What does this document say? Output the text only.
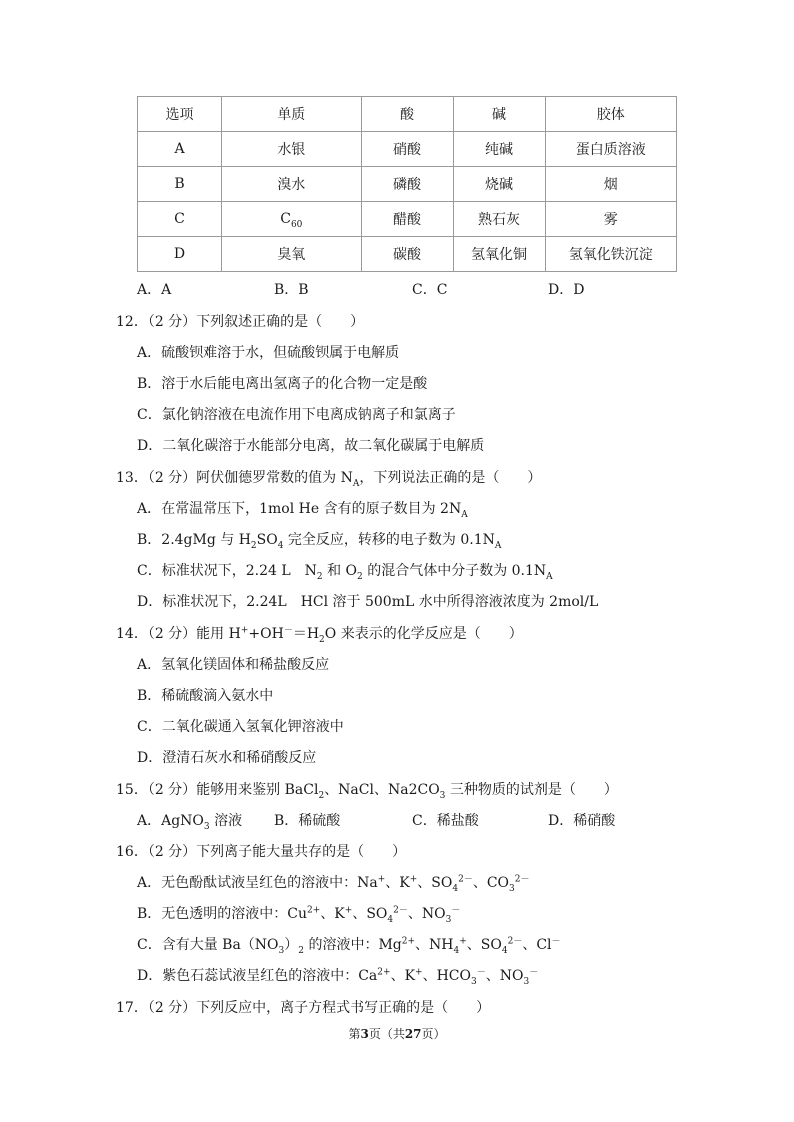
选项	单质	酸	碱	胶体
A	水银	硝酸	纯碱	蛋白质溶液
B	溴水	磷酸	烧碱	烟
C	$C_{60}$	醋酸	熟石灰	雾
D	臭氧	碳酸	氢氧化铜	氢氧化铁沉淀
A．A	B．B	C．C	D．D
12．（2 分）下列叙述正确的是（　　）
A．硫酸钡难溶于水，但硫酸钡属于电解质
B．溶于水后能电离出氢离子的化合物一定是酸
C．氯化钠溶液在电流作用下电离成钠离子和氯离子
D．二氧化碳溶于水能部分电离，故二氧化碳属于电解质
13．（2 分）阿伏伽德罗常数的值为 $N_A$，下列说法正确的是（　　）
A．在常温常压下，1mol He 含有的原子数目为 $2N_A$
B．2.4gMg 与 $H_2SO_4$ 完全反应，转移的电子数为 $0.1N_A$
C．标准状况下，2.24 L　$N_2$ 和 $O_2$ 的混合气体中分子数为 $0.1N_A$
D．标准状况下，2.24L　HCl 溶于 500mL 水中所得溶液浓度为 2mol/L
14．（2 分）能用 $H^++OH^-=H_2O$ 来表示的化学反应是（　　）
A．氢氧化镁固体和稀盐酸反应
B．稀硫酸滴入氨水中
C．二氧化碳通入氢氧化钾溶液中
D．澄清石灰水和稀硝酸反应
15．（2 分）能够用来鉴别 BaCl$_2$、NaCl、$Na2CO_3$ 三种物质的试剂是（　　）
A．AgNO$_3$ 溶液 B．稀硫酸	C．稀盐酸	D．稀硝酸
16．（2 分）下列离子能大量共存的是（　　）
A．无色酚酞试液呈红色的溶液中：Na+、K+、$SO_4^{2-}$、$CO_3^{2-}$
B．无色透明的溶液中：$Cu^{2+}$、K+、$SO_4^{2-}$、$NO_3^-$
C．含有大量 $Ba(NO_3)_2$ 的溶液中：$Mg^{2+}$、$NH_4^+$、$SO_4^{2-}$、Cl－
D．紫色石蕊试液呈红色的溶液中：$Ca^{2+}$、K+、$HCO_3^-$、$NO_3^-$
17．（2 分）下列反应中，离子方程式书写正确的是（　　）
第3页（共27页）
